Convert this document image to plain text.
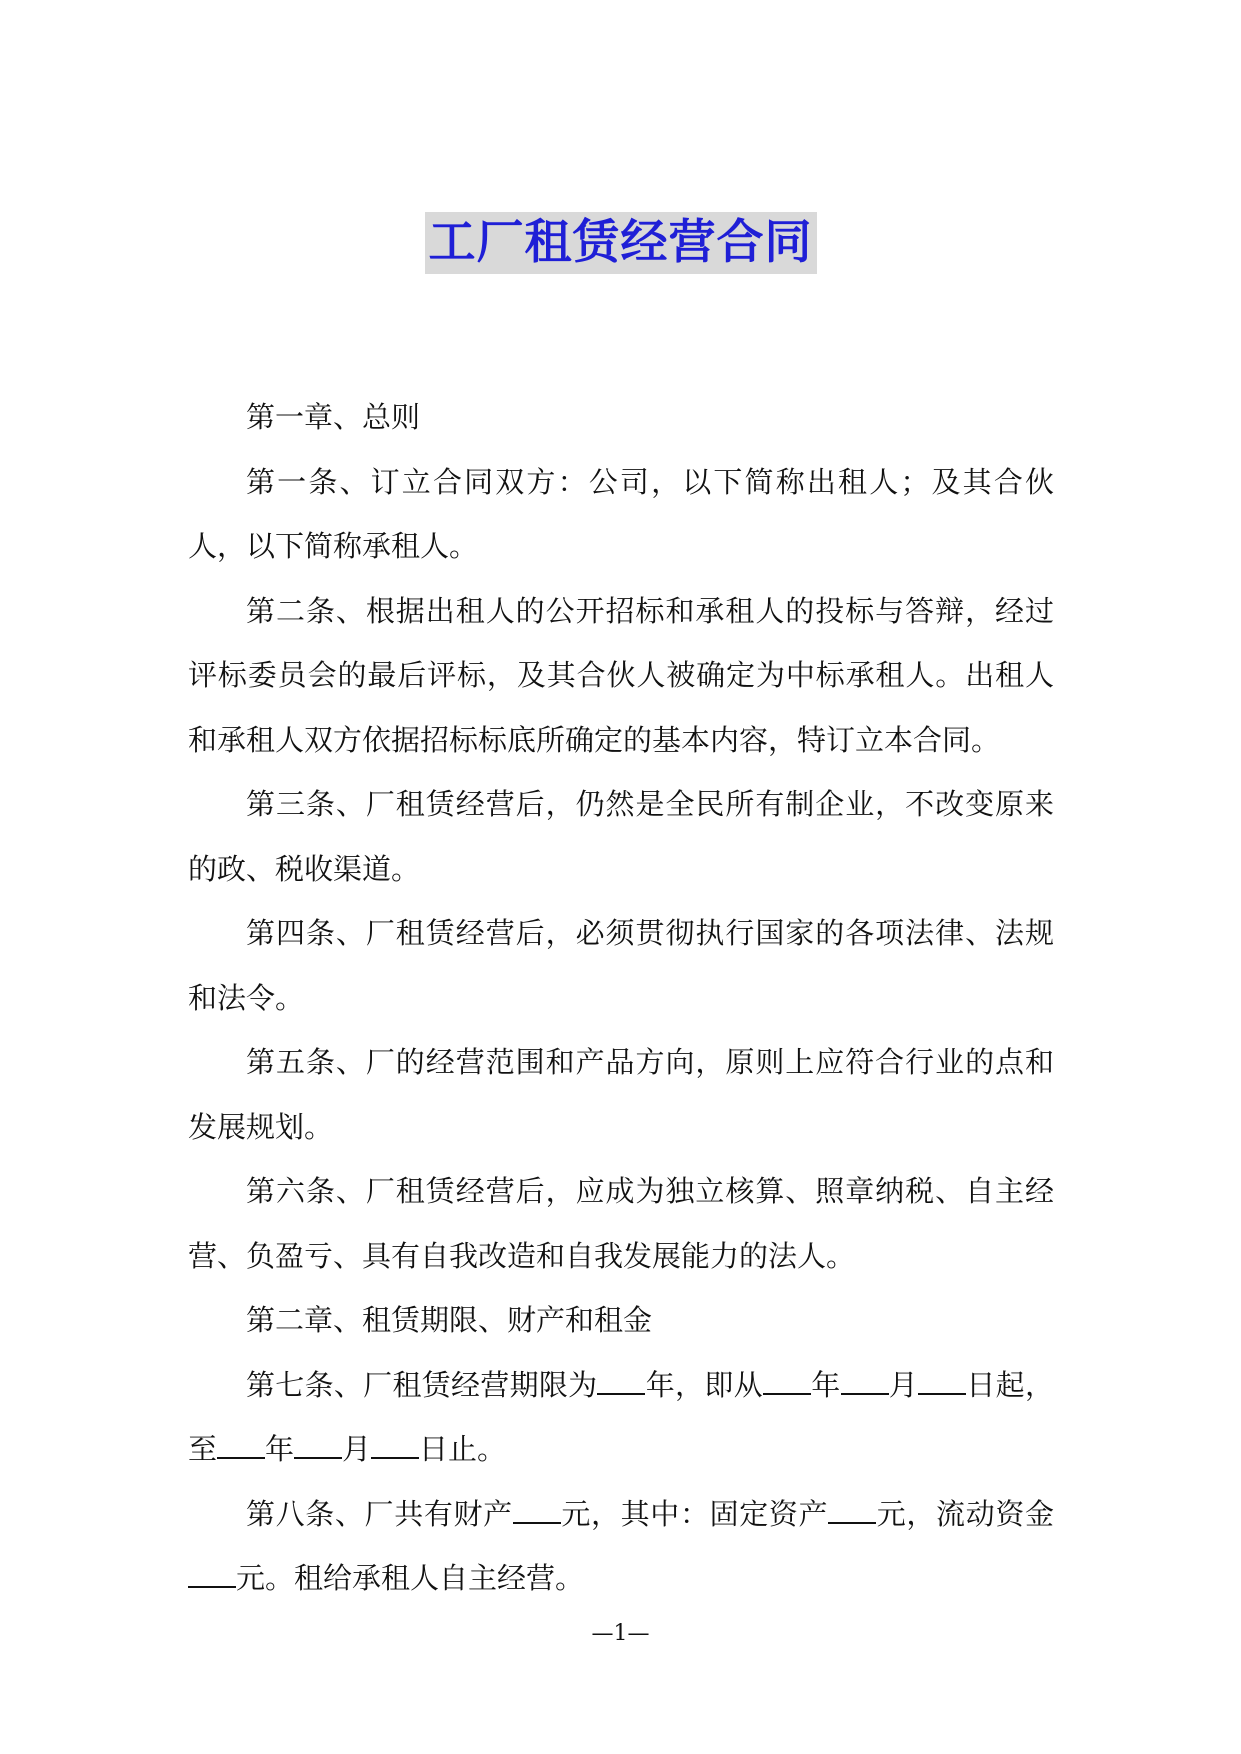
工厂租赁经营合同

第一章、总则

第一条、订立合同双方：公司，以下简称出租人；及其合伙人，以下简称承租人。

第二条、根据出租人的公开招标和承租人的投标与答辩，经过评标委员会的最后评标，及其合伙人被确定为中标承租人。出租人和承租人双方依据招标标底所确定的基本内容，特订立本合同。

第三条、厂租赁经营后，仍然是全民所有制企业，不改变原来的政、税收渠道。

第四条、厂租赁经营后，必须贯彻执行国家的各项法律、法规和法令。

第五条、厂的经营范围和产品方向，原则上应符合行业的点和发展规划。

第六条、厂租赁经营后，应成为独立核算、照章纳税、自主经营、负盈亏、具有自我改造和自我发展能力的法人。

第二章、租赁期限、财产和租金

第七条、厂租赁经营期限为 年，即从 年 月 日起，至 年 月 日止。

第八条、厂共有财产 元，其中：固定资产 元，流动资金元。租给承租人自主经营。

—1—
